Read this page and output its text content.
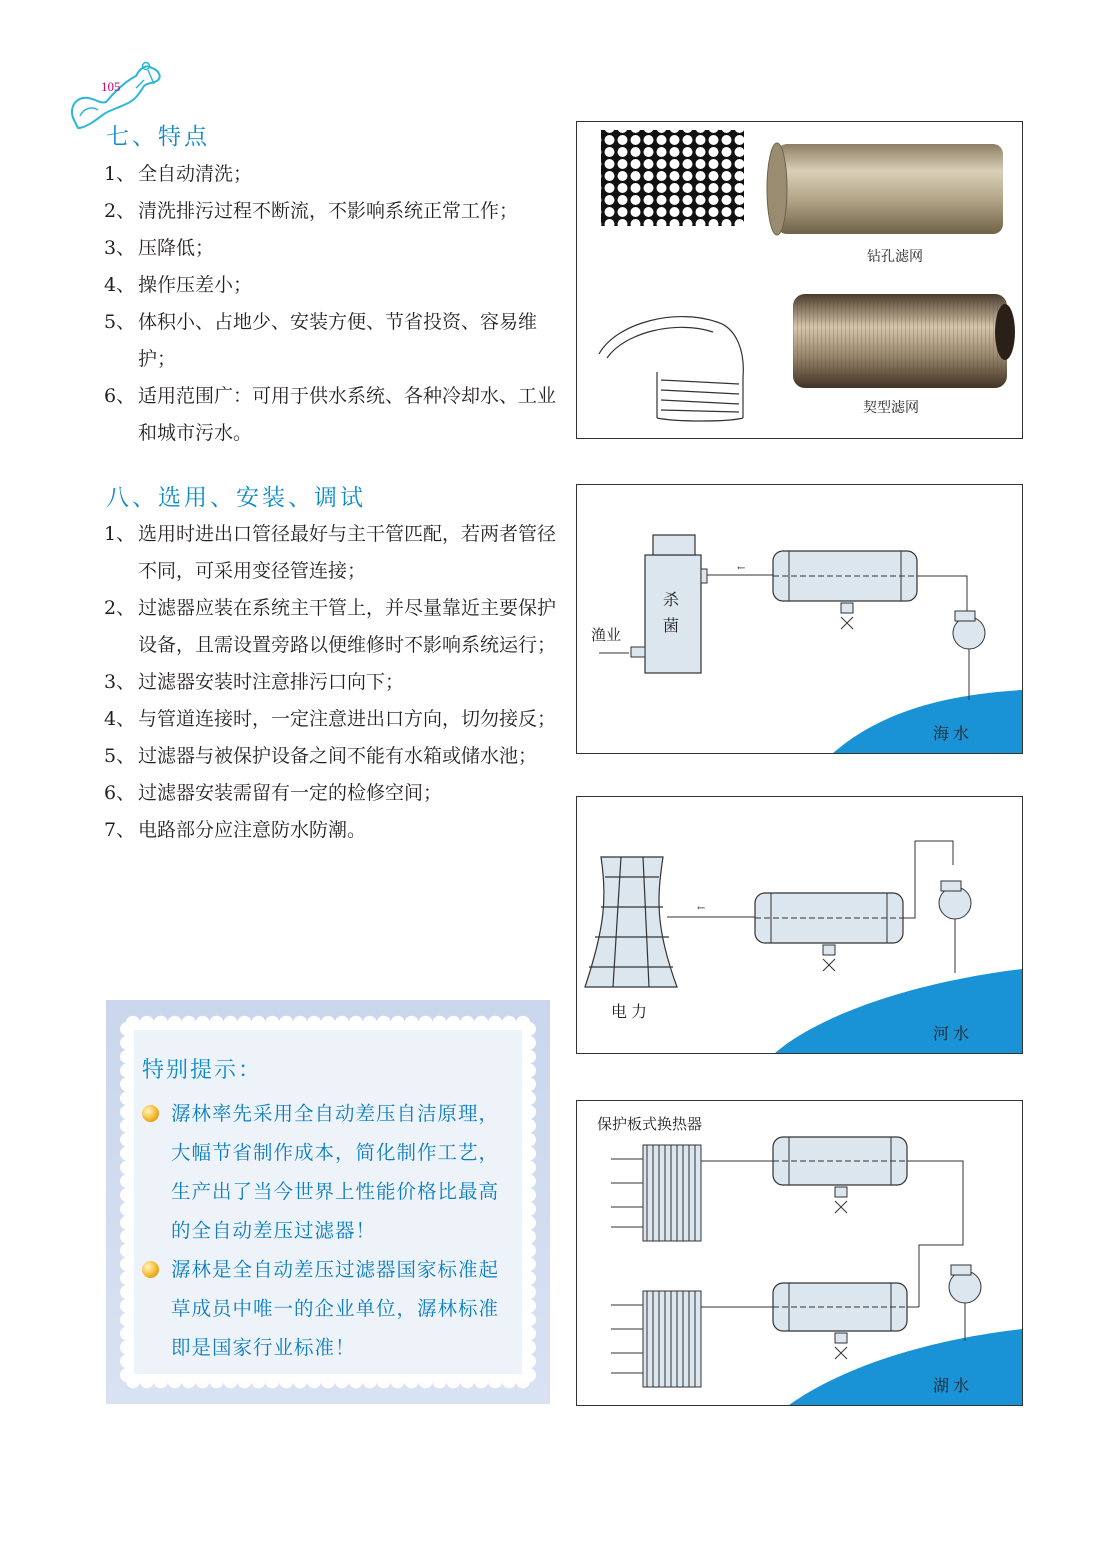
105
七、特点
1、 全自动清洗；
2、 清洗排污过程不断流，不影响系统正常工作；
3、 压降低；
4、 操作压差小；
5、 体积小、占地少、安装方便、节省投资、容易维护；
6、 适用范围广：可用于供水系统、各种冷却水、工业和城市污水。
八、选用、安装、调试
1、 选用时进出口管径最好与主干管匹配，若两者管径不同，可采用变径管连接；
2、 过滤器应装在系统主干管上，并尽量靠近主要保护设备，且需设置旁路以便维修时不影响系统运行；
3、 过滤器安装时注意排污口向下；
4、 与管道连接时，一定注意进出口方向，切勿接反；
5、 过滤器与被保护设备之间不能有水箱或储水池；
6、 过滤器安装需留有一定的检修空间；
7、 电路部分应注意防水防潮。
特别提示：
潺林率先采用全自动差压自洁原理，大幅节省制作成本，简化制作工艺，生产出了当今世界上性能价格比最高的全自动差压过滤器！
潺林是全自动差压过滤器国家标准起草成员中唯一的企业单位，潺林标准即是国家行业标准！
钻孔滤网
契型滤网
杀
菌
渔业
←
海 水
电 力
←
河 水
保护板式换热器
湖 水
